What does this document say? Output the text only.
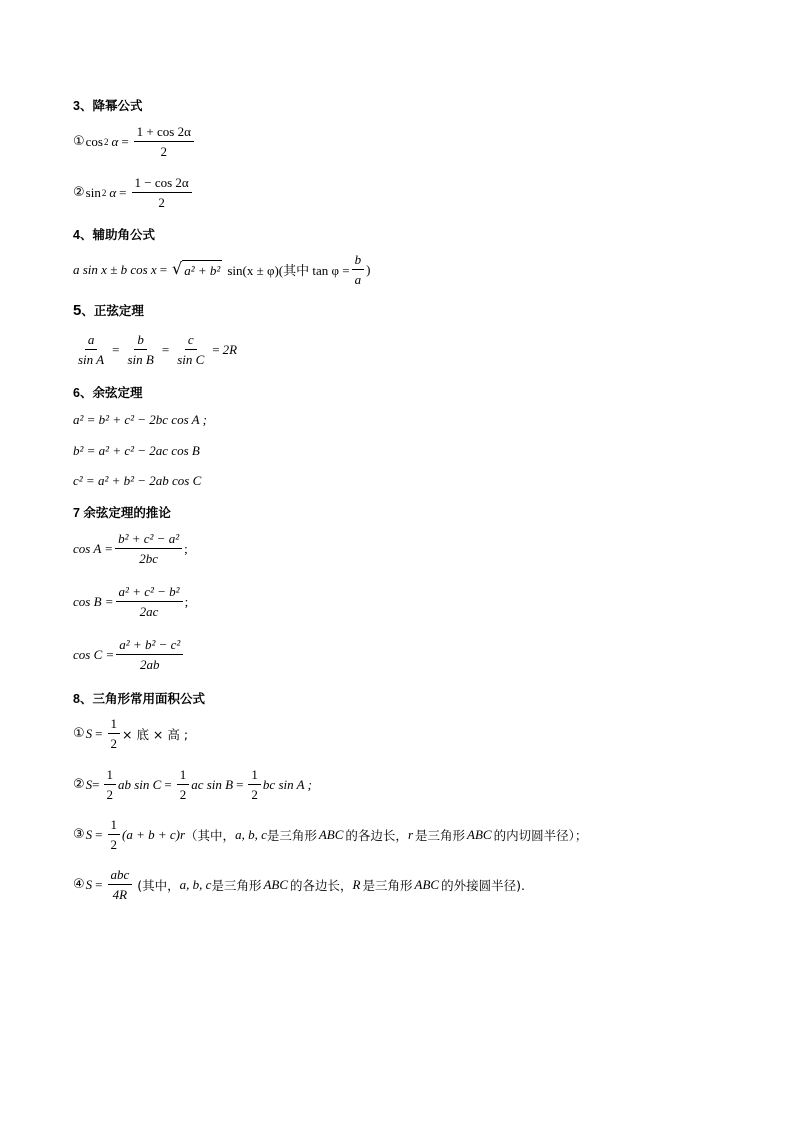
3、降幂公式
① cos 2 $\alpha = \frac{1 + \cos 2\alpha}{2}$
② sin 2 $\alpha = \frac{1 - \cos 2\alpha}{2}$
4、辅助角公式
a sin x ± b cos x = √ a² + b² sin(x ± φ)(其中 $\tan \varphi = \frac{b}{a}$ )
5、正弦定理
$\frac{a}{\text{sin A}} = \frac{b}{\text{sin B}} = \frac{c}{\text{sin C}} = 2R$
6、余弦定理
a² = b² + c² − 2bc cos A ;
b² = a² + c² − 2ac cos B
c² = a² + b² − 2ab cos C
7 余弦定理的推论
$\cos A = \frac{\text{b² + c² − a²}}{2bc}$ ;
$\cos B = \frac{\text{a² + c² − b²}}{2ac}$ ;
$\cos C = \frac{\text{a² + b² − c²}}{2ab}$
8、三角形常用面积公式
① $S = \frac{1}{2}$ × 底 × 高 ;
② $S = \frac{1}{2}$ ab $\sin C = \frac{1}{2}$ ac $\sin B = \frac{1}{2}$ bc sin A ;
③ $S = \frac{1}{2} (a + b + c)r$ （其中， a, b, c 是三角形 ABC 的各边长， r 是三角形 ABC 的内切圆半径）；
④ $S = \frac{\text{abc}}{4R}$ (其中， a, b, c 是三角形 ABC 的各边长， R 是三角形 ABC 的外接圆半径).
